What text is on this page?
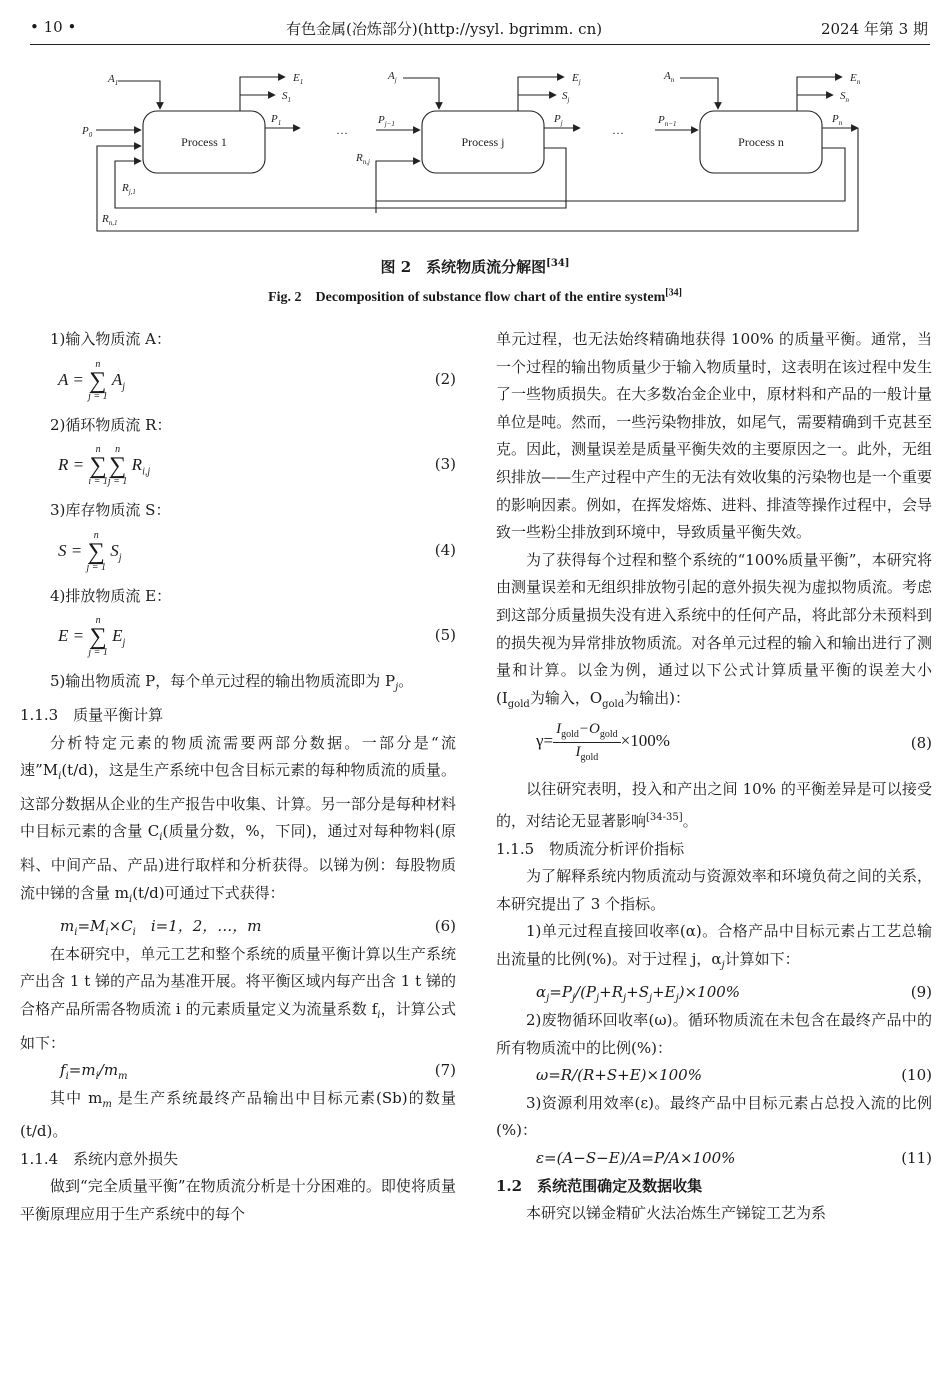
• 10 •	有色金属(冶炼部分)(http://ysyl. bgrimm. cn)	2024 年第 3 期
Process 1	Process j	Process n
…	…
$A_1$	$E_1$
$S_1$
$P_0$
$P_1$
$A_j$	$E_j$
$S_j$
$P_{j-1}$	$P_j$
$R_{n,j}$
$A_n$	$E_n$
$S_n$
$P_{n-1}$	$P_n$
$R_{j,1}$
$R_{n,1}$
图 2　系统物质流分解图[34]
Fig. 2　Decomposition of substance flow chart of the entire system[34]

1)输入物质流 A：

A = n
∑
j = 1 $A_j$	(2)

2)循环物质流 R：

R = n
∑
i = 1n
∑
j = 1 $R_{i,j}$	(3)

3)库存物质流 S：

S = n
∑
j = 1 $S_j$	(4)

4)排放物质流 E：

E = n
∑
j = 1 $E_j$	(5)

5)输出物质流 P，每个单元过程的输出物质流即为 $P_j$。

1.1.3　质量平衡计算

分析特定元素的物质流需要两部分数据。一部分是“流速$”M_i(t/d)$，这是生产系统中包含目标元素的每种物质流的质量。这部分数据从企业的生产报告中收集、计算。另一部分是每种材料中目标元素的含量 $C_i$(质量分数，%，下同)，通过对每种物料(原料、中间产品、产品)进行取样和分析获得。以锑为例：每股物质流中锑的含量 $m_i(t/d)$可通过下式获得：

$m_i=M_i\times C_i$　i=1，2，…，m	(6)

在本研究中，单元工艺和整个系统的质量平衡计算以生产系统产出含 1 t 锑的产品为基准开展。将平衡区域内每产出含 1 t 锑的合格产品所需各物质流 i 的元素质量定义为流量系数 $f_i$，计算公式如下：

$f_i=m_i/m_m$	(7)

其中 $m_m$ 是生产系统最终产品输出中目标元素(Sb)的数量(t/d)。

1.1.4　系统内意外损失

做到“完全质量平衡”在物质流分析是十分困难的。即使将质量平衡原理应用于生产系统中的每个

单元过程，也无法始终精确地获得 100% 的质量平衡。通常，当一个过程的输出物质量少于输入物质量时，这表明在该过程中发生了一些物质损失。在大多数冶金企业中，原材料和产品的一般计量单位是吨。然而，一些污染物排放，如尾气，需要精确到千克甚至克。因此，测量误差是质量平衡失效的主要原因之一。此外，无组织排放——生产过程中产生的无法有效收集的污染物也是一个重要的影响因素。例如，在挥发熔炼、进料、排渣等操作过程中，会导致一些粉尘排放到环境中，导致质量平衡失效。

为了获得每个过程和整个系统的“100%质量平衡”，本研究将由测量误差和无组织排放物引起的意外损失视为虚拟物质流。考虑到这部分质量损失没有进入系统中的任何产品，将此部分未预料到的损失视为异常排放物质流。对各单元过程的输入和输出进行了测量和计算。以金为例，通过以下公式计算质量平衡的误差大小($I_{gold}$为输入，$O_{gold}$为输出)：

$\gamma= \frac{I_{gold}-O_{gold}}{I_{gold}} \times 100\%$	(8)

以往研究表明，投入和产出之间 10% 的平衡差异是可以接受的，对结论无显著影响[34-35]。

1.1.5　物质流分析评价指标

为了解释系统内物质流动与资源效率和环境负荷之间的关系，本研究提出了 3 个指标。

1)单元过程直接回收率(α)。合格产品中目标元素占工艺总输出流量的比例(%)。对于过程 j，$\alpha_j$计算如下：

$\alpha_j=P_j/(P_j+R_j+S_j+E_j)\times 100\%$	(9)

2)废物循环回收率(ω)。循环物质流在未包含在最终产品中的所有物质流中的比例(%)：

ω=R/(R+S+E)×100%	(10)

3)资源利用效率(ε)。最终产品中目标元素占总投入流的比例(%)：

ε=(A−S−E)/A=P/A×100%	(11)

1.2　系统范围确定及数据收集

本研究以锑金精矿火法冶炼生产锑锭工艺为系
